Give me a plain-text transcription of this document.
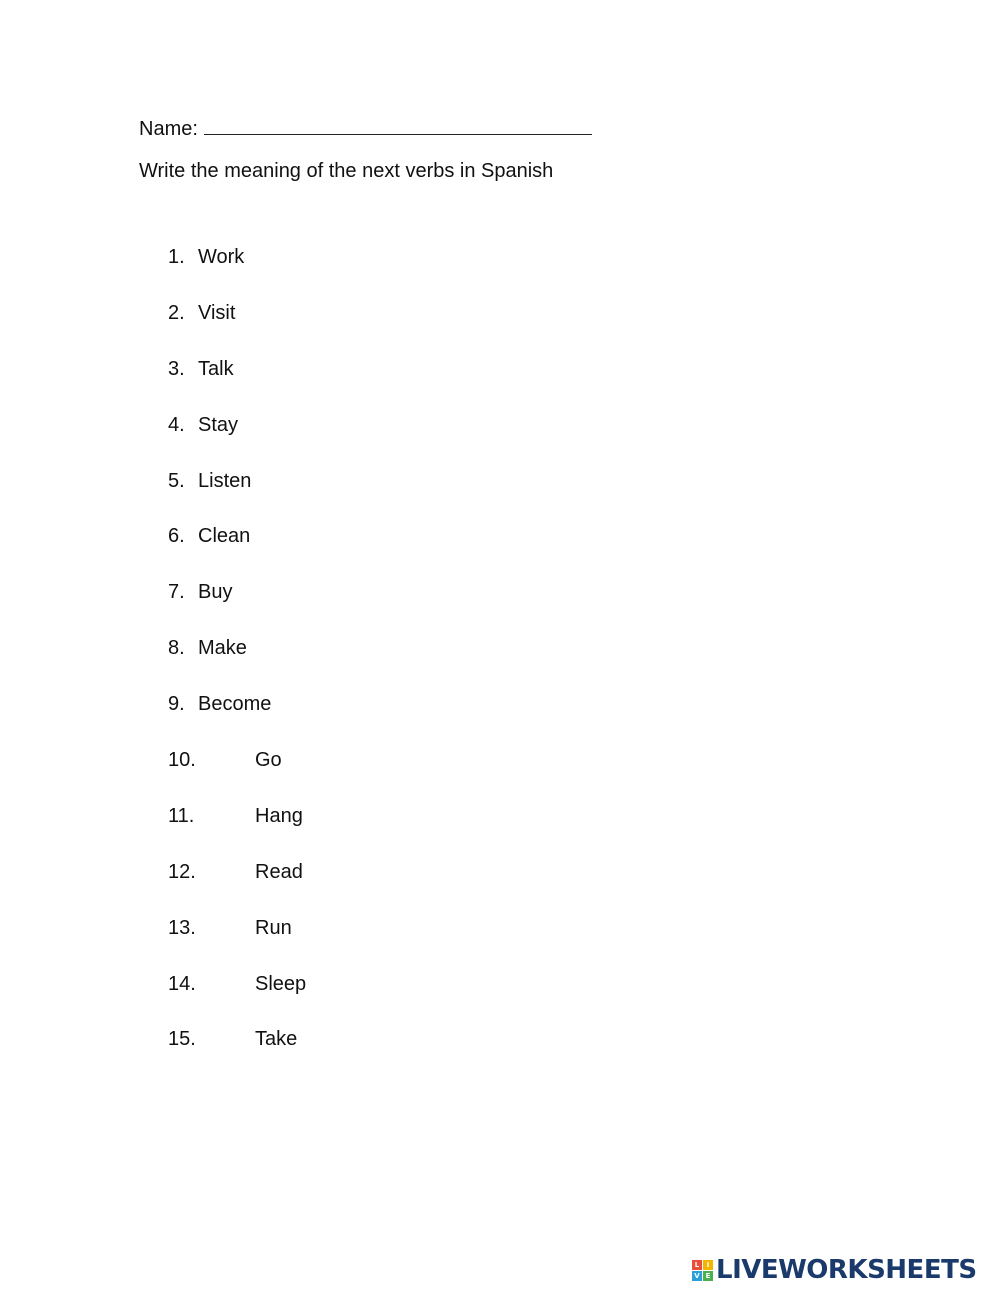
Name:
Write the meaning of the next verbs in Spanish
1. Work
2. Visit
3. Talk
4. Stay
5. Listen
6. Clean
7. Buy
8. Make
9. Become
10.	Go
11.	Hang
12.	Read
13.	Run
14.	Sleep
15.	Take
L	I
V E LIVEWORKSHEETS
